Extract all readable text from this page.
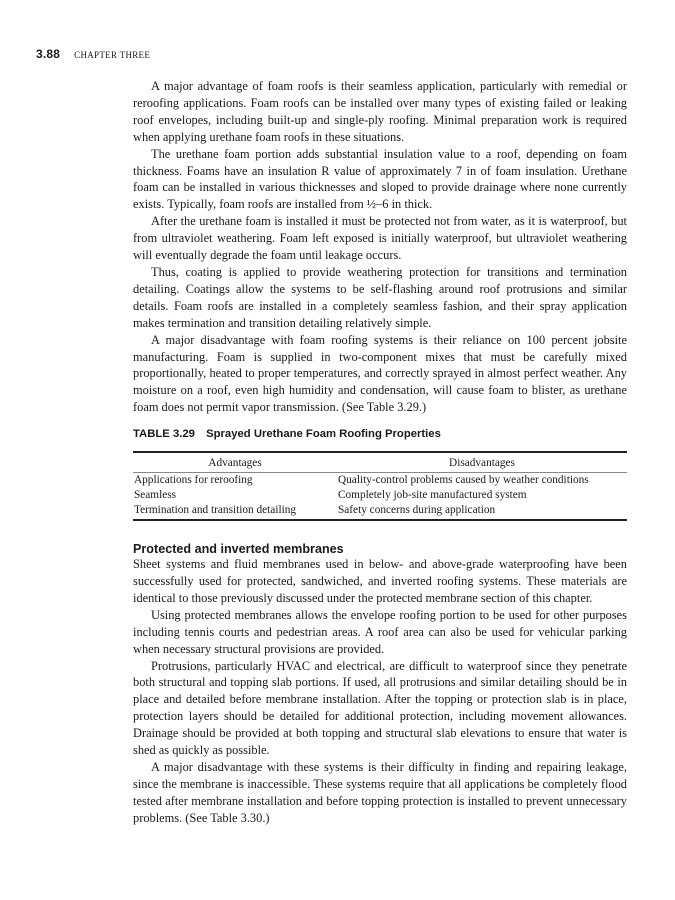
3.88 CHAPTER THREE

A major advantage of foam roofs is their seamless application, particularly with remedial or reroofing applications. Foam roofs can be installed over many types of existing failed or leaking roof envelopes, including built-up and single-ply roofing. Minimal preparation work is required when applying urethane foam roofs in these situations.

The urethane foam portion adds substantial insulation value to a roof, depending on foam thickness. Foams have an insulation R value of approximately 7 in of foam insulation. Urethane foam can be installed in various thicknesses and sloped to provide drainage where none currently exists. Typically, foam roofs are installed from ½–6 in thick.

After the urethane foam is installed it must be protected not from water, as it is waterproof, but from ultraviolet weathering. Foam left exposed is initially waterproof, but ultraviolet weathering will eventually degrade the foam until leakage occurs.

Thus, coating is applied to provide weathering protection for transitions and termination detailing. Coatings allow the systems to be self-flashing around roof protrusions and similar details. Foam roofs are installed in a completely seamless fashion, and their spray application makes termination and transition detailing relatively simple.

A major disadvantage with foam roofing systems is their reliance on 100 percent jobsite manufacturing. Foam is supplied in two-component mixes that must be carefully mixed proportionally, heated to proper temperatures, and correctly sprayed in almost perfect weather. Any moisture on a roof, even high humidity and condensation, will cause foam to blister, as urethane foam does not permit vapor transmission. (See Table 3.29.)

TABLE 3.29 Sprayed Urethane Foam Roofing Properties
Advantages	Disadvantages
Applications for reroofing	Quality-control problems caused by weather conditions
Seamless	Completely job-site manufactured system
Termination and transition detailing	Safety concerns during application
Protected and inverted membranes

Sheet systems and fluid membranes used in below- and above-grade waterproofing have been successfully used for protected, sandwiched, and inverted roofing systems. These materials are identical to those previously discussed under the protected membrane section of this chapter.

Using protected membranes allows the envelope roofing portion to be used for other purposes including tennis courts and pedestrian areas. A roof area can also be used for vehicular parking when necessary structural provisions are provided.

Protrusions, particularly HVAC and electrical, are difficult to waterproof since they penetrate both structural and topping slab portions. If used, all protrusions and similar detailing should be in place and detailed before membrane installation. After the topping or protection slab is in place, protection layers should be detailed for additional protection, including movement allowances. Drainage should be provided at both topping and structural slab elevations to ensure that water is shed as quickly as possible.

A major disadvantage with these systems is their difficulty in finding and repairing leakage, since the membrane is inaccessible. These systems require that all applications be completely flood tested after membrane installation and before topping protection is installed to prevent unnecessary problems. (See Table 3.30.)
